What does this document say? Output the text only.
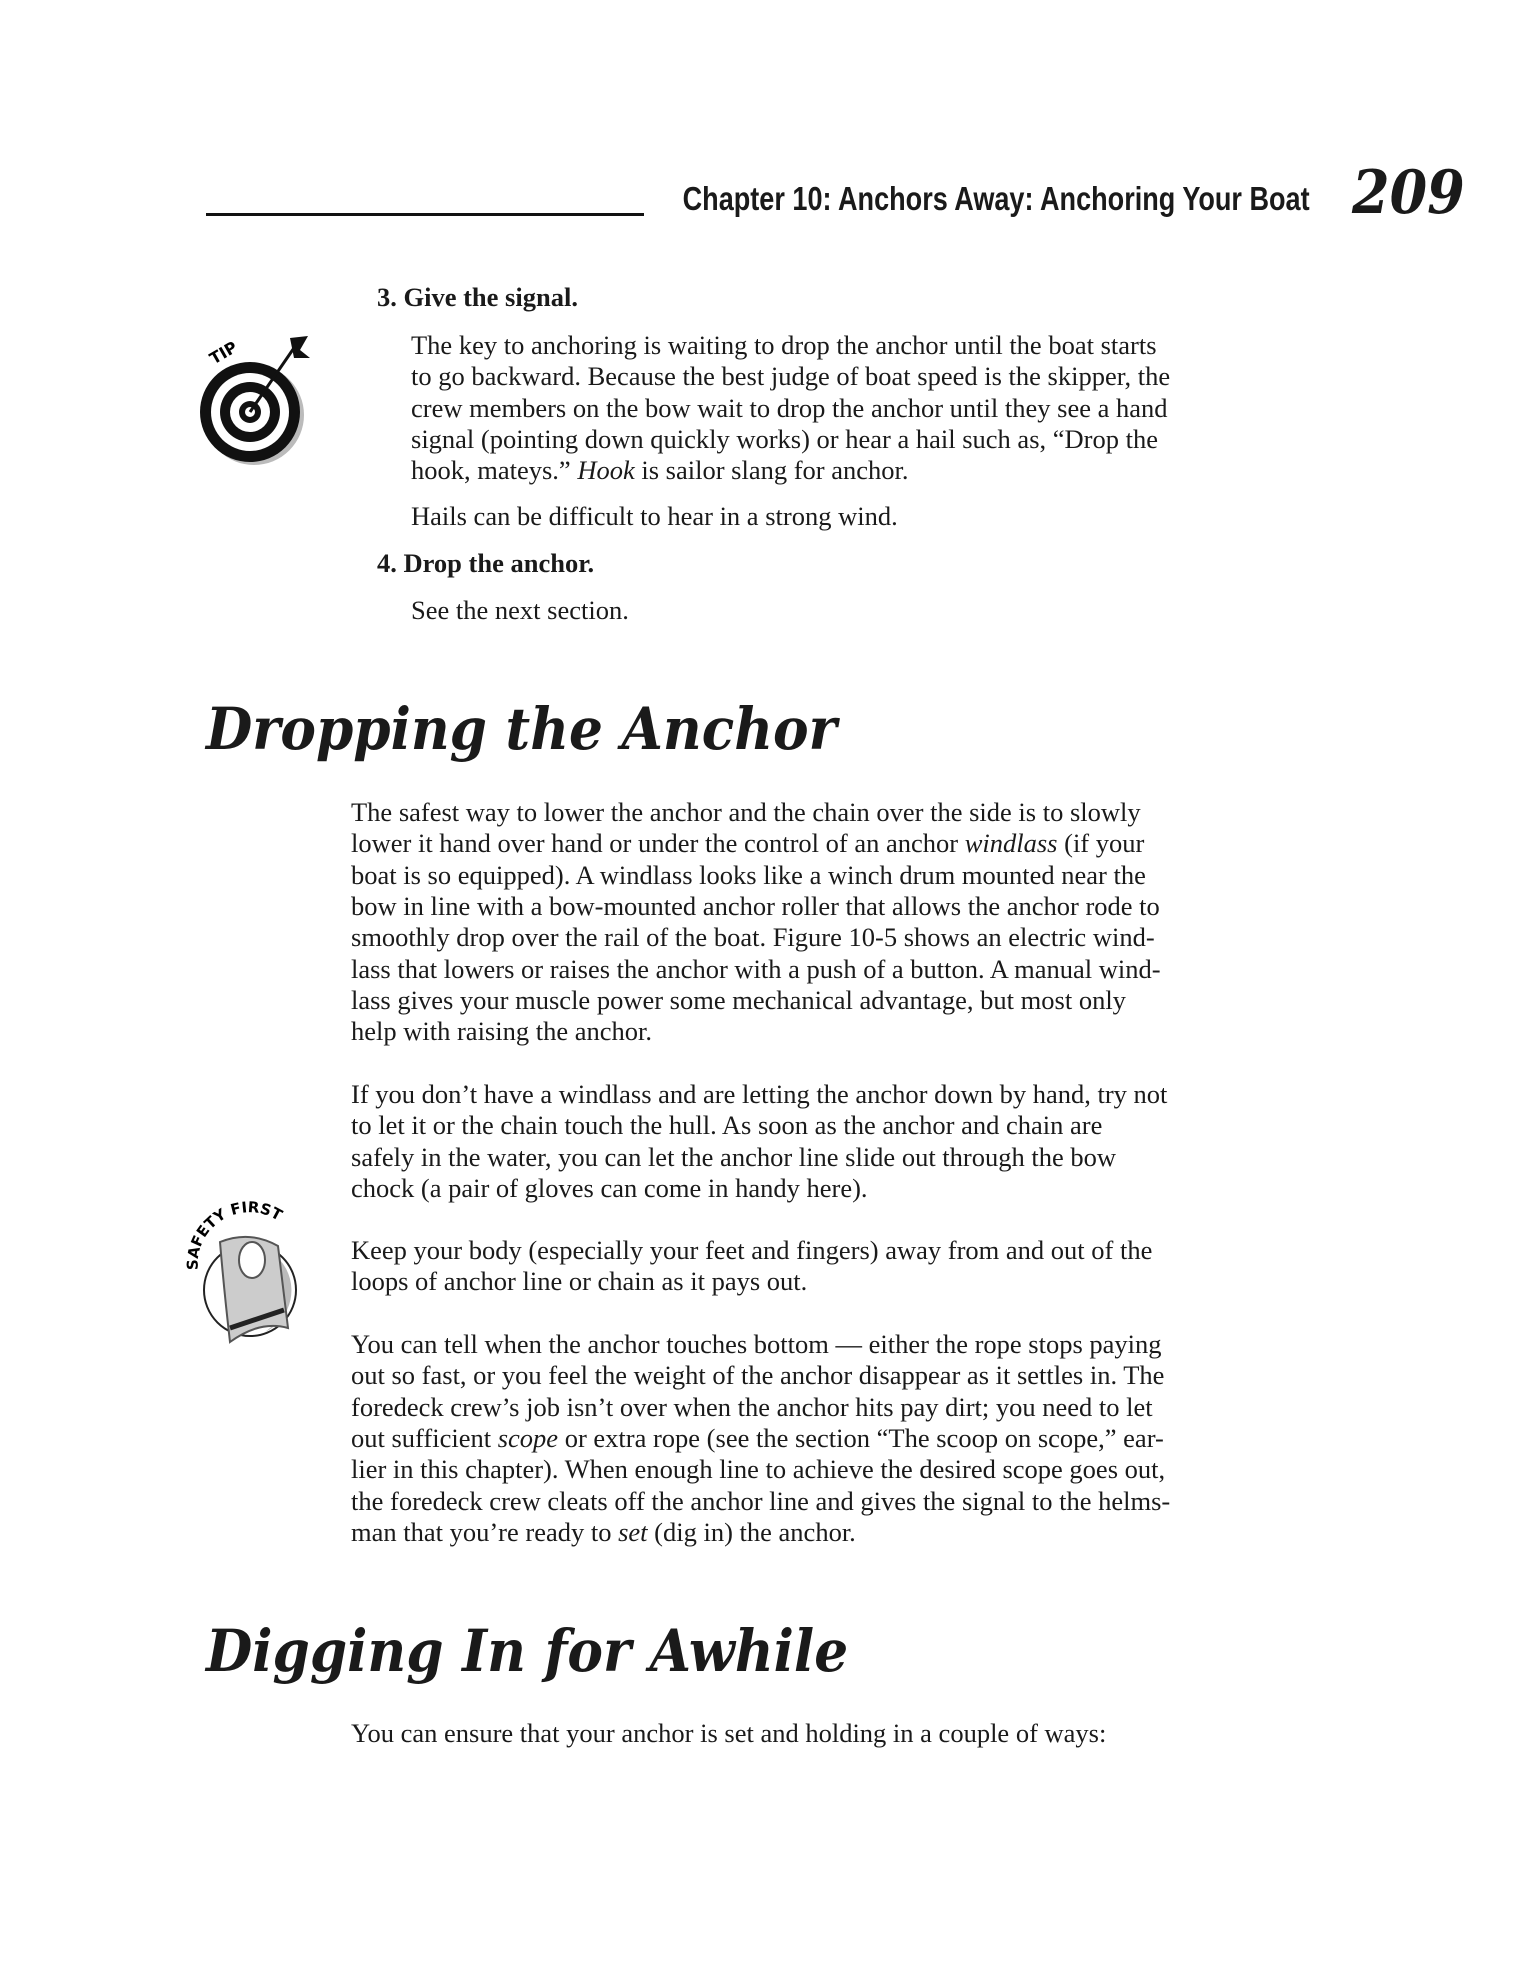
Chapter 10: Anchors Away: Anchoring Your Boat 209
3. Give the signal.
4. Drop the anchor.
Dropping the Anchor
Digging In for Awhile
The key to anchoring is waiting to drop the anchor until the boat starts
to go backward. Because the best judge of boat speed is the skipper, the
crew members on the bow wait to drop the anchor until they see a hand
signal (pointing down quickly works) or hear a hail such as, “Drop the
hook, mateys.” Hook is sailor slang for anchor.
Hails can be difficult to hear in a strong wind.
See the next section.
The safest way to lower the anchor and the chain over the side is to slowly
lower it hand over hand or under the control of an anchor windlass (if your
boat is so equipped). A windlass looks like a winch drum mounted near the
bow in line with a bow-mounted anchor roller that allows the anchor rode to
smoothly drop over the rail of the boat. Figure 10-5 shows an electric wind-
lass that lowers or raises the anchor with a push of a button. A manual wind-
lass gives your muscle power some mechanical advantage, but most only
help with raising the anchor.
If you don’t have a windlass and are letting the anchor down by hand, try not
to let it or the chain touch the hull. As soon as the anchor and chain are
safely in the water, you can let the anchor line slide out through the bow
chock (a pair of gloves can come in handy here).
Keep your body (especially your feet and fingers) away from and out of the
loops of anchor line or chain as it pays out.
You can tell when the anchor touches bottom — either the rope stops paying
out so fast, or you feel the weight of the anchor disappear as it settles in. The
foredeck crew’s job isn’t over when the anchor hits pay dirt; you need to let
out sufficient scope or extra rope (see the section “The scoop on scope,” ear-
lier in this chapter). When enough line to achieve the desired scope goes out,
the foredeck crew cleats off the anchor line and gives the signal to the helms-
man that you’re ready to set (dig in) the anchor.
You can ensure that your anchor is set and holding in a couple of ways:
TIP
SAFETY FIRST
